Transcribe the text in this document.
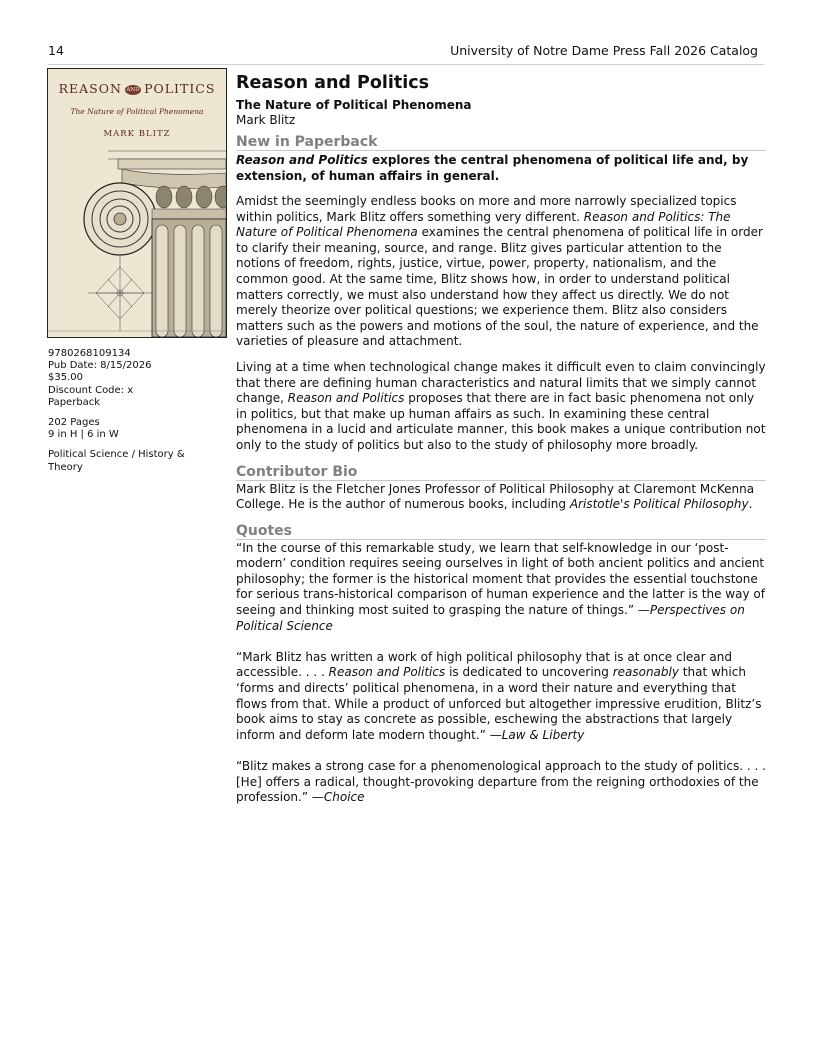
14	University of Notre Dame Press Fall 2026 Catalog
REASON AND POLITICS
The Nature of Political Phenomena
MARK BLITZ
9780268109134
Pub Date: 8/15/2026
$35.00
Discount Code: x
Paperback
202 Pages
9 in H | 6 in W
Political Science / History & Theory
Reason and Politics
The Nature of Political Phenomena
Mark Blitz
New in Paperback
Reason and Politics explores the central phenomena of political life and, by extension, of human affairs in general.
Amidst the seemingly endless books on more and more narrowly specialized topics within politics, Mark Blitz offers something very different. Reason and Politics: The Nature of Political Phenomena examines the central phenomena of political life in order to clarify their meaning, source, and range. Blitz gives particular attention to the notions of freedom, rights, justice, virtue, power, property, nationalism, and the common good. At the same time, Blitz shows how, in order to understand political matters correctly, we must also understand how they affect us directly. We do not merely theorize over political questions; we experience them. Blitz also considers matters such as the powers and motions of the soul, the nature of experience, and the varieties of pleasure and attachment.
Living at a time when technological change makes it difficult even to claim convincingly that there are defining human characteristics and natural limits that we simply cannot change, Reason and Politics proposes that there are in fact basic phenomena not only in politics, but that make up human affairs as such. In examining these central phenomena in a lucid and articulate manner, this book makes a unique contribution not only to the study of politics but also to the study of philosophy more broadly.
Contributor Bio
Mark Blitz is the Fletcher Jones Professor of Political Philosophy at Claremont McKenna College. He is the author of numerous books, including Aristotle's Political Philosophy.
Quotes
“In the course of this remarkable study, we learn that self-knowledge in our ‘post-modern’ condition requires seeing ourselves in light of both ancient politics and ancient philosophy; the former is the historical moment that provides the essential touchstone for serious trans-historical comparison of human experience and the latter is the way of seeing and thinking most suited to grasping the nature of things.” —Perspectives on Political Science
“Mark Blitz has written a work of high political philosophy that is at once clear and accessible. . . . Reason and Politics is dedicated to uncovering reasonably that which ‘forms and directs’ political phenomena, in a word their nature and everything that flows from that. While a product of unforced but altogether impressive erudition, Blitz’s book aims to stay as concrete as possible, eschewing the abstractions that largely inform and deform late modern thought.” —Law & Liberty
“Blitz makes a strong case for a phenomenological approach to the study of politics. . . . [He] offers a radical, thought-provoking departure from the reigning orthodoxies of the profession.” —Choice
